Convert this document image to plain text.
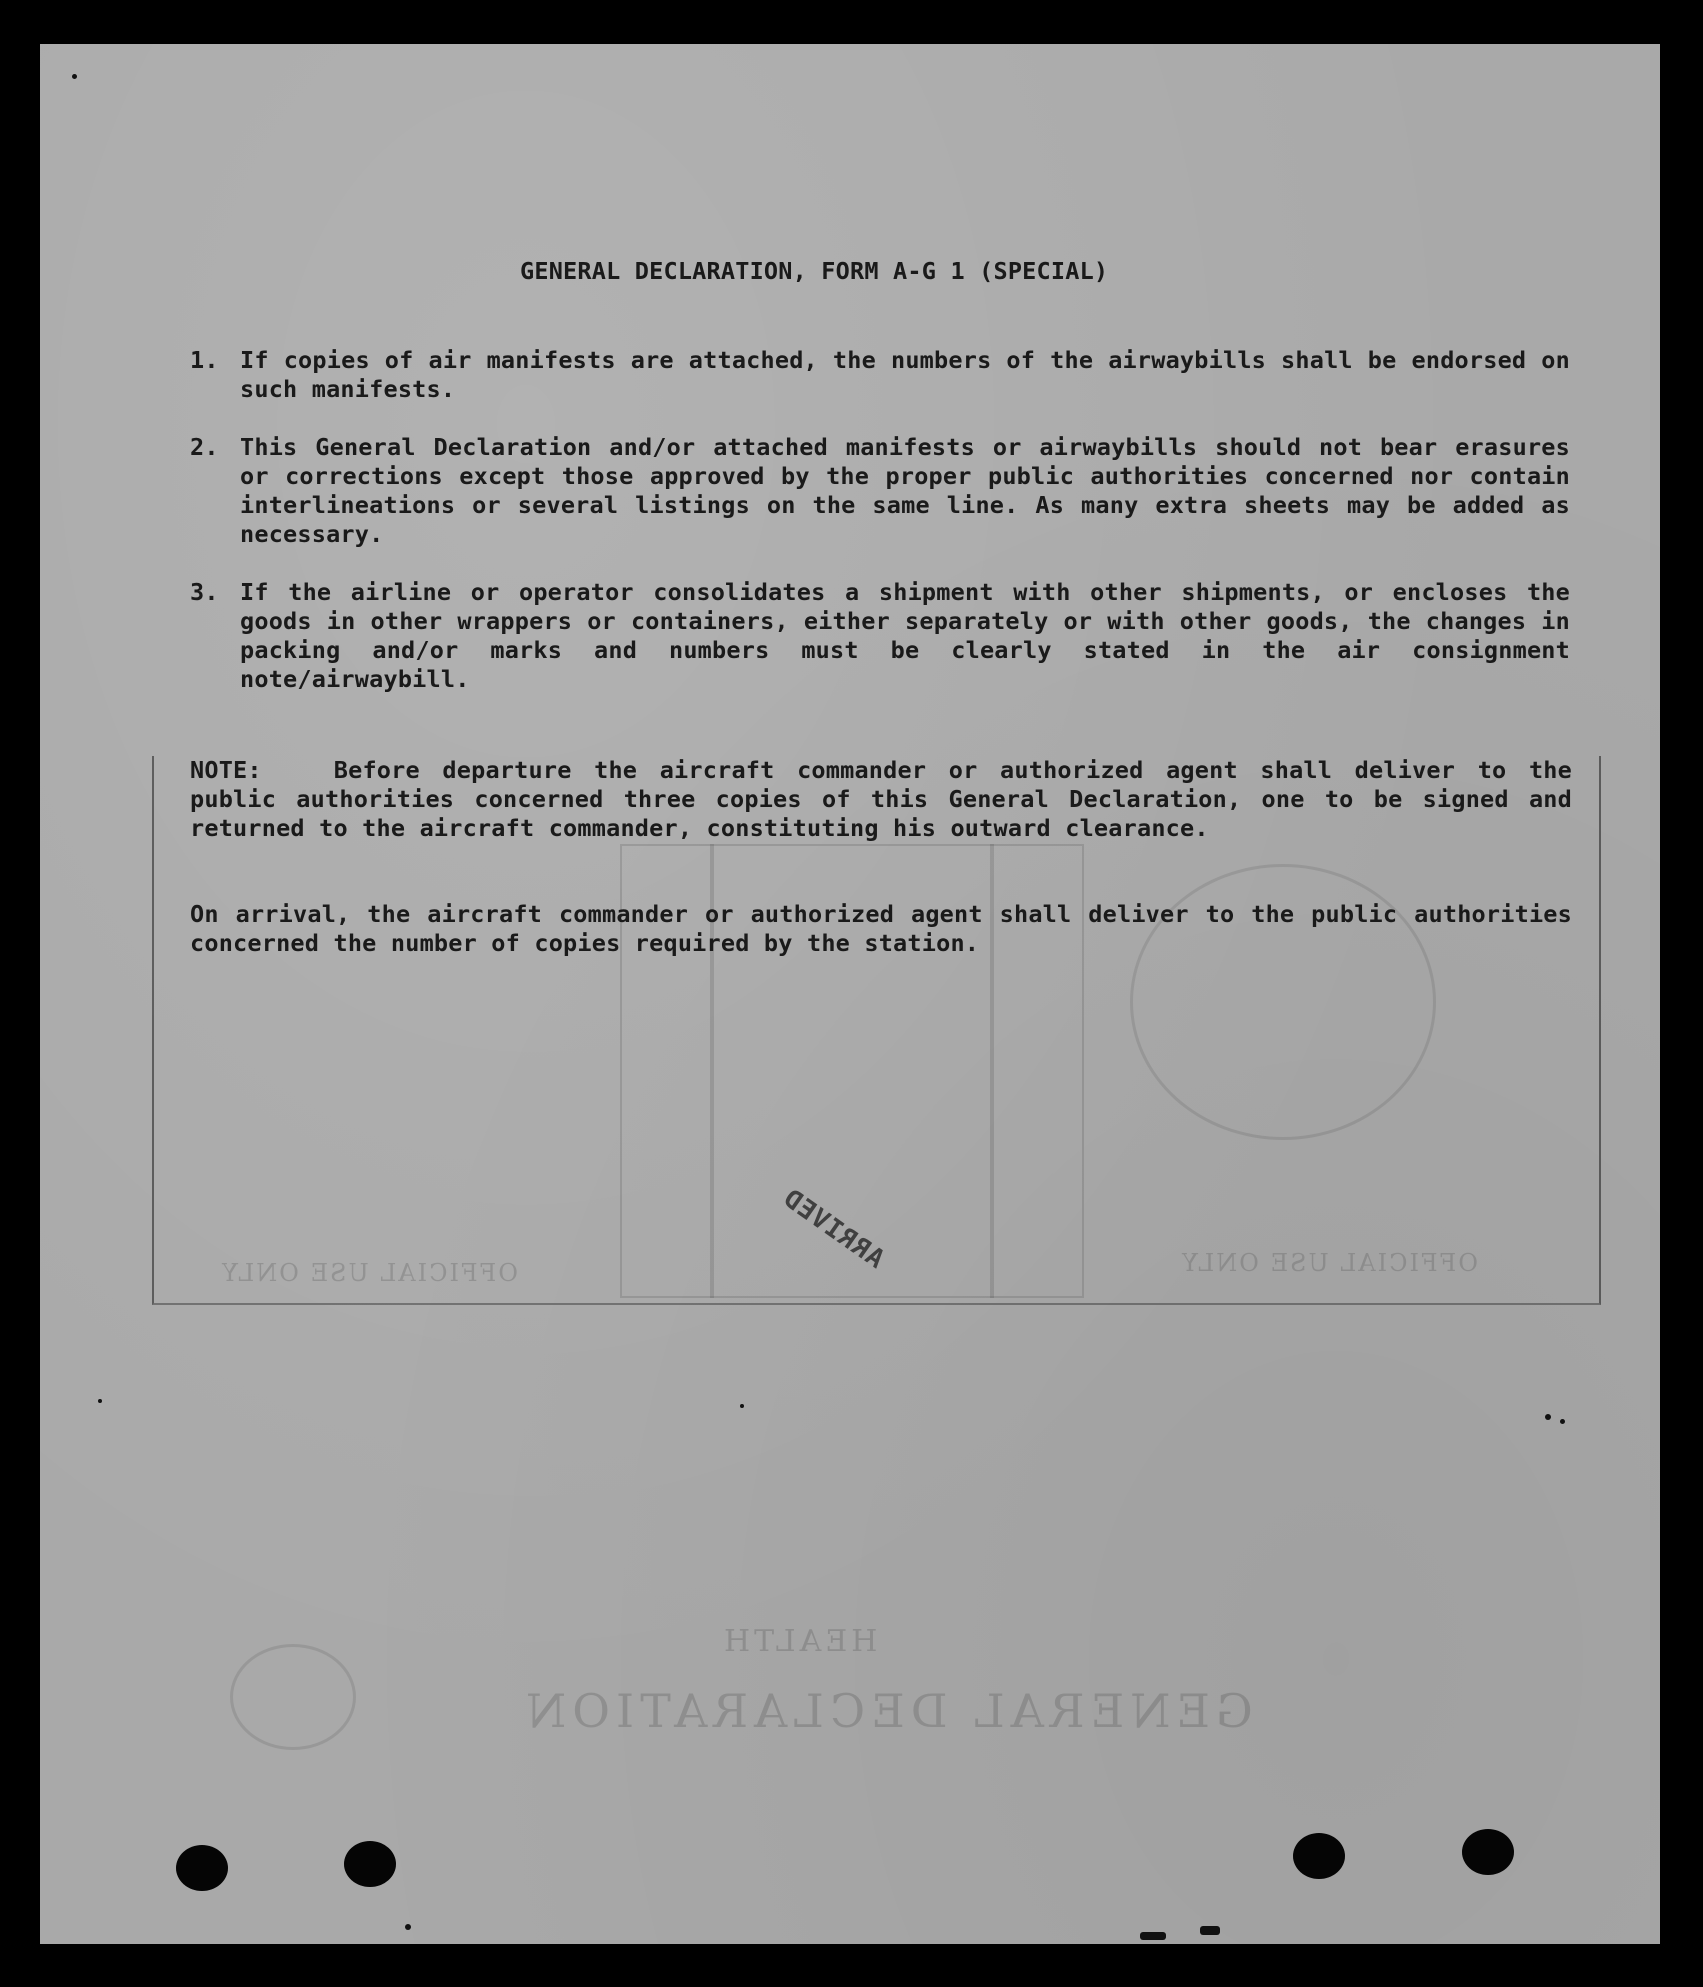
GENERAL DECLARATION
HEALTH
OFFICIAL USE ONLY
OFFICIAL USE ONLY
GENERAL DECLARATION, FORM A-G 1 (SPECIAL)
1. If copies of air manifests are attached, the numbers of the airwaybills shall be endorsed on such manifests.
2. This General Declaration and/or attached manifests or airwaybills should not bear erasures or corrections except those approved by the proper public authorities concerned nor contain interlineations or several listings on the same line. As many extra sheets may be added as necessary.
3. If the airline or operator consolidates a shipment with other shipments, or encloses the goods in other wrappers or containers, either separately or with other goods, the changes in packing and/or marks and numbers must be clearly stated in the air consignment note/airwaybill.
NOTE:	Before departure the aircraft commander or authorized agent shall deliver to the public authorities concerned three copies of this General Declaration, one to be signed and returned to the aircraft commander, constituting his outward clearance.
On arrival, the aircraft commander or authorized agent shall deliver to the public authorities concerned the number of copies required by the station.
ARRIVED
